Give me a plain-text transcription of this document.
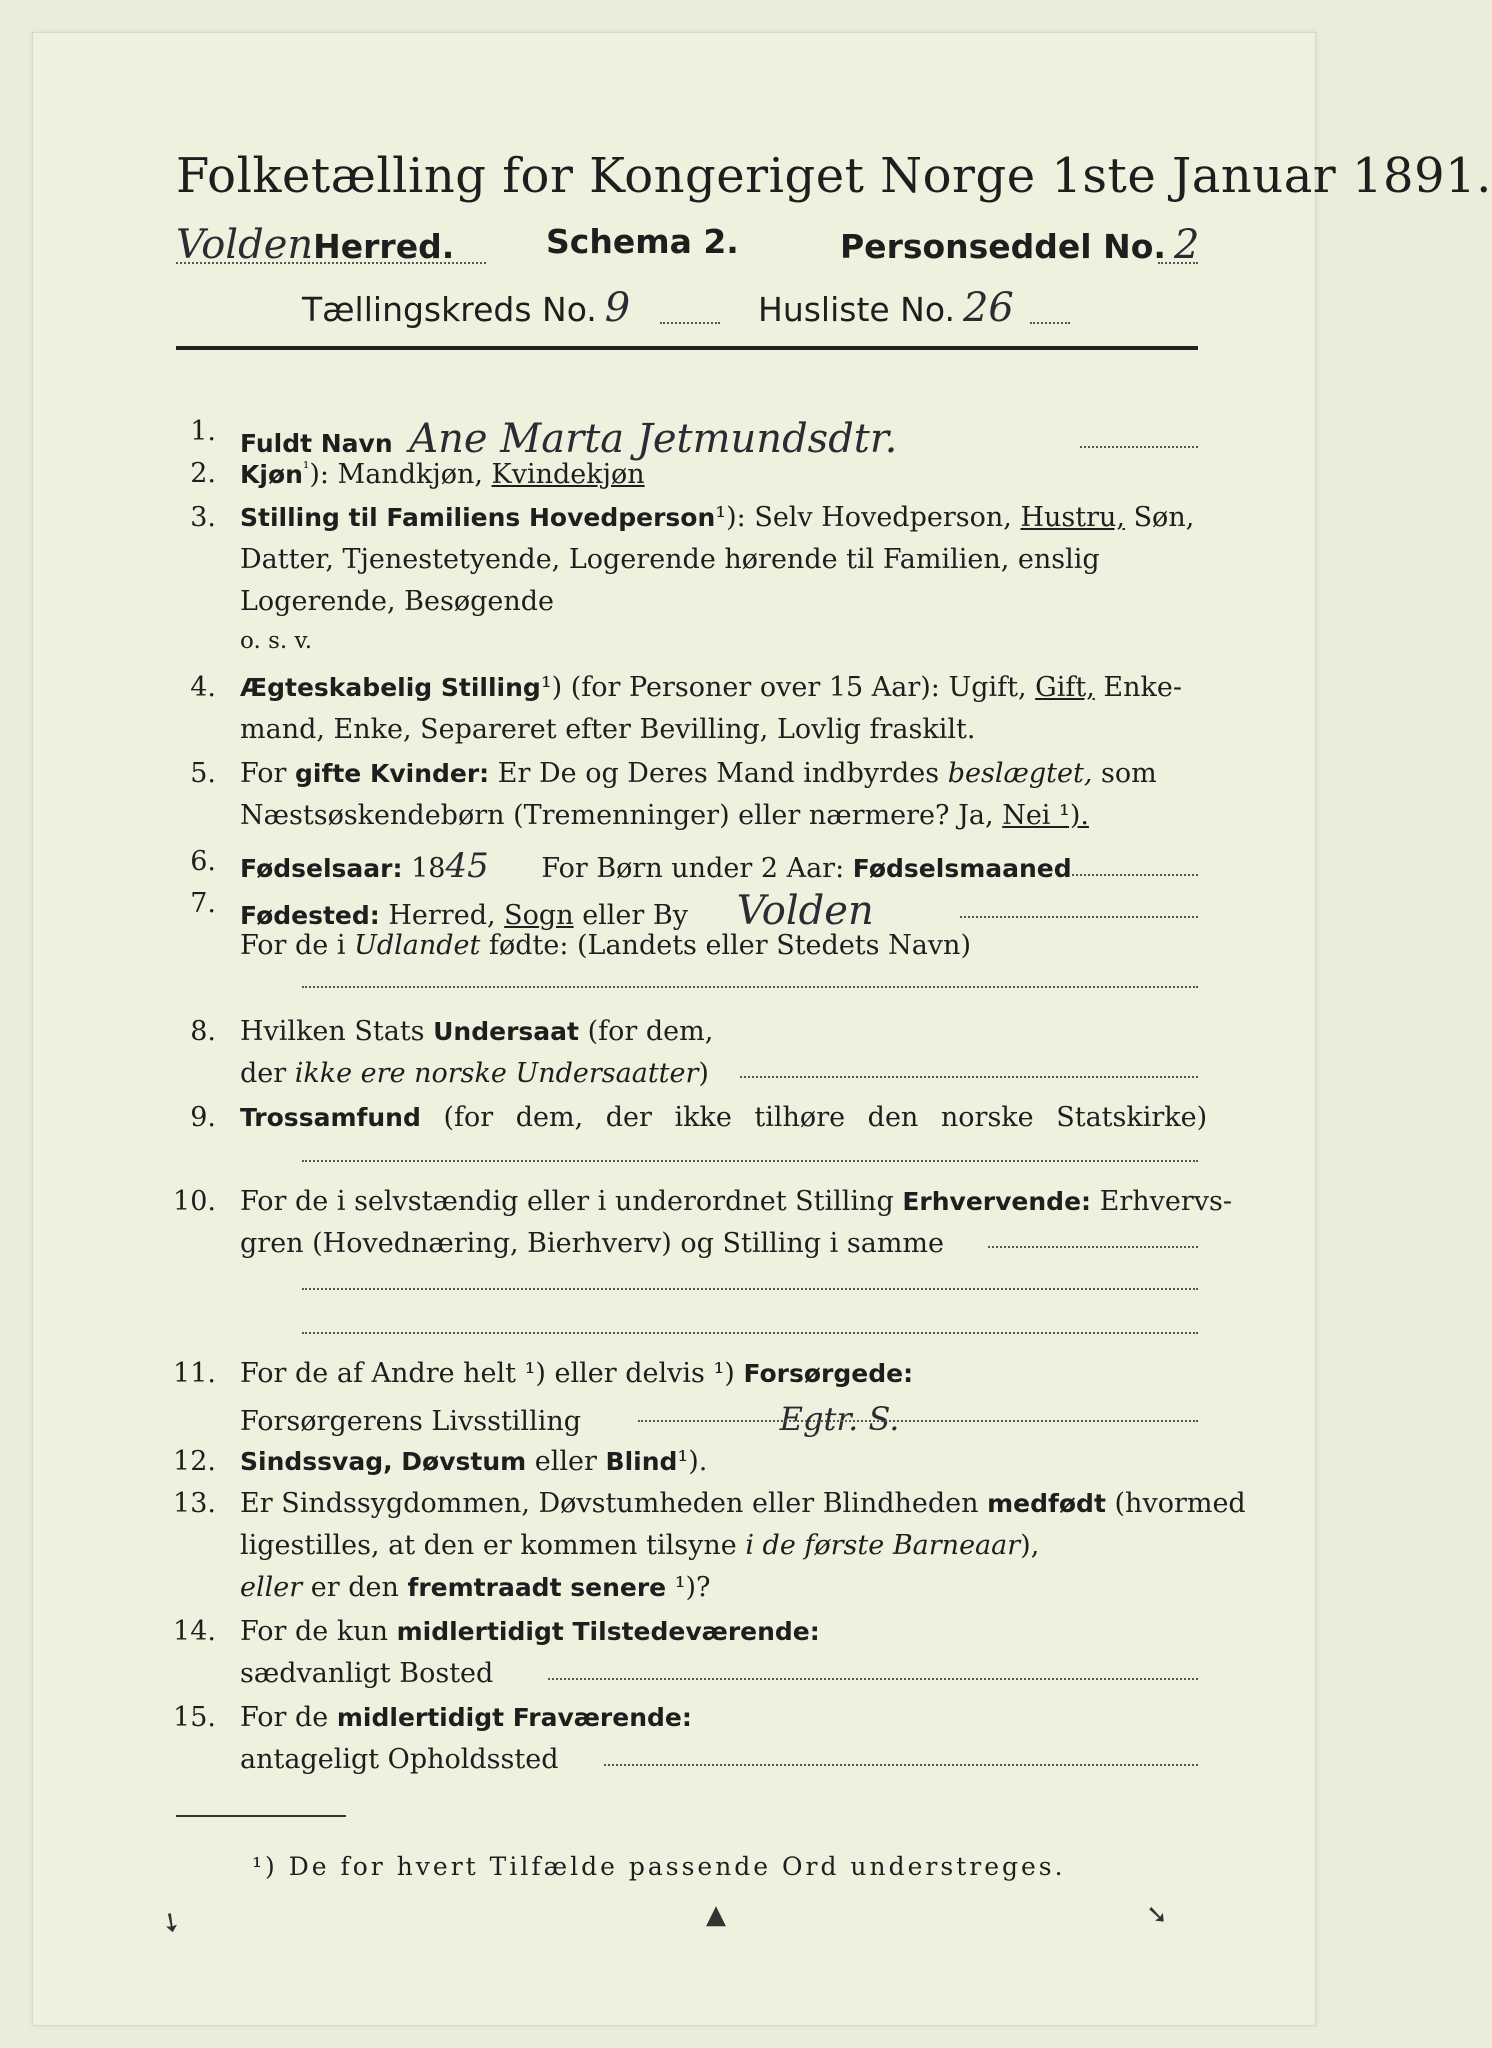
Folketælling for Kongeriget Norge 1ste Januar 1891.
VoldenHerred.	Schema 2.	Personseddel No. 2
Tællingskreds No. 9	Husliste No. 26
1. Fuldt Navn Ane Marta Jetmundsdtr.
2. Kjøn$^{^1}$): Mandkjøn, Kvindekjøn
3. Stilling til Familiens Hovedperson¹): Selv Hovedperson, Hustru, Søn,
Datter, Tjenestetyende, Logerende hørende til Familien, enslig
Logerende, Besøgende
o. s. v.
4. Ægteskabelig Stilling¹) (for Personer over 15 Aar): Ugift, Gift, Enke-
mand, Enke, Separeret efter Bevilling, Lovlig fraskilt.
5. For gifte Kvinder: Er De og Deres Mand indbyrdes beslægtet, som
Næstsøskendebørn (Tremenninger) eller nærmere? Ja, Nei ¹).
6. Fødselsaar: 1845 For Børn under 2 Aar: Fødselsmaaned
7. Fødested: Herred, Sogn eller By Volden
For de i Udlandet fødte: (Landets eller Stedets Navn)
8. Hvilken Stats Undersaat (for dem,
der ikke ere norske Undersaatter)
9. Trossamfund (for dem, der ikke tilhøre den norske Statskirke)
10. For de i selvstændig eller i underordnet Stilling Erhvervende: Erhvervs-
gren (Hovednæring, Bierhverv) og Stilling i samme
11. For de af Andre helt ¹) eller delvis ¹) Forsørgede:
Forsørgerens Livsstilling	Egtr. S.
12. Sindssvag, Døvstum eller Blind¹).
13. Er Sindssygdommen, Døvstumheden eller Blindheden medfødt (hvormed
ligestilles, at den er kommen tilsyne i de første Barneaar),
eller er den fremtraadt senere ¹)?
14. For de kun midlertidigt Tilstedeværende:
sædvanligt Bosted
15. For de midlertidigt Fraværende:
antageligt Opholdssted
¹) De for hvert Tilfælde passende Ord understreges.
➘	▲	➘
